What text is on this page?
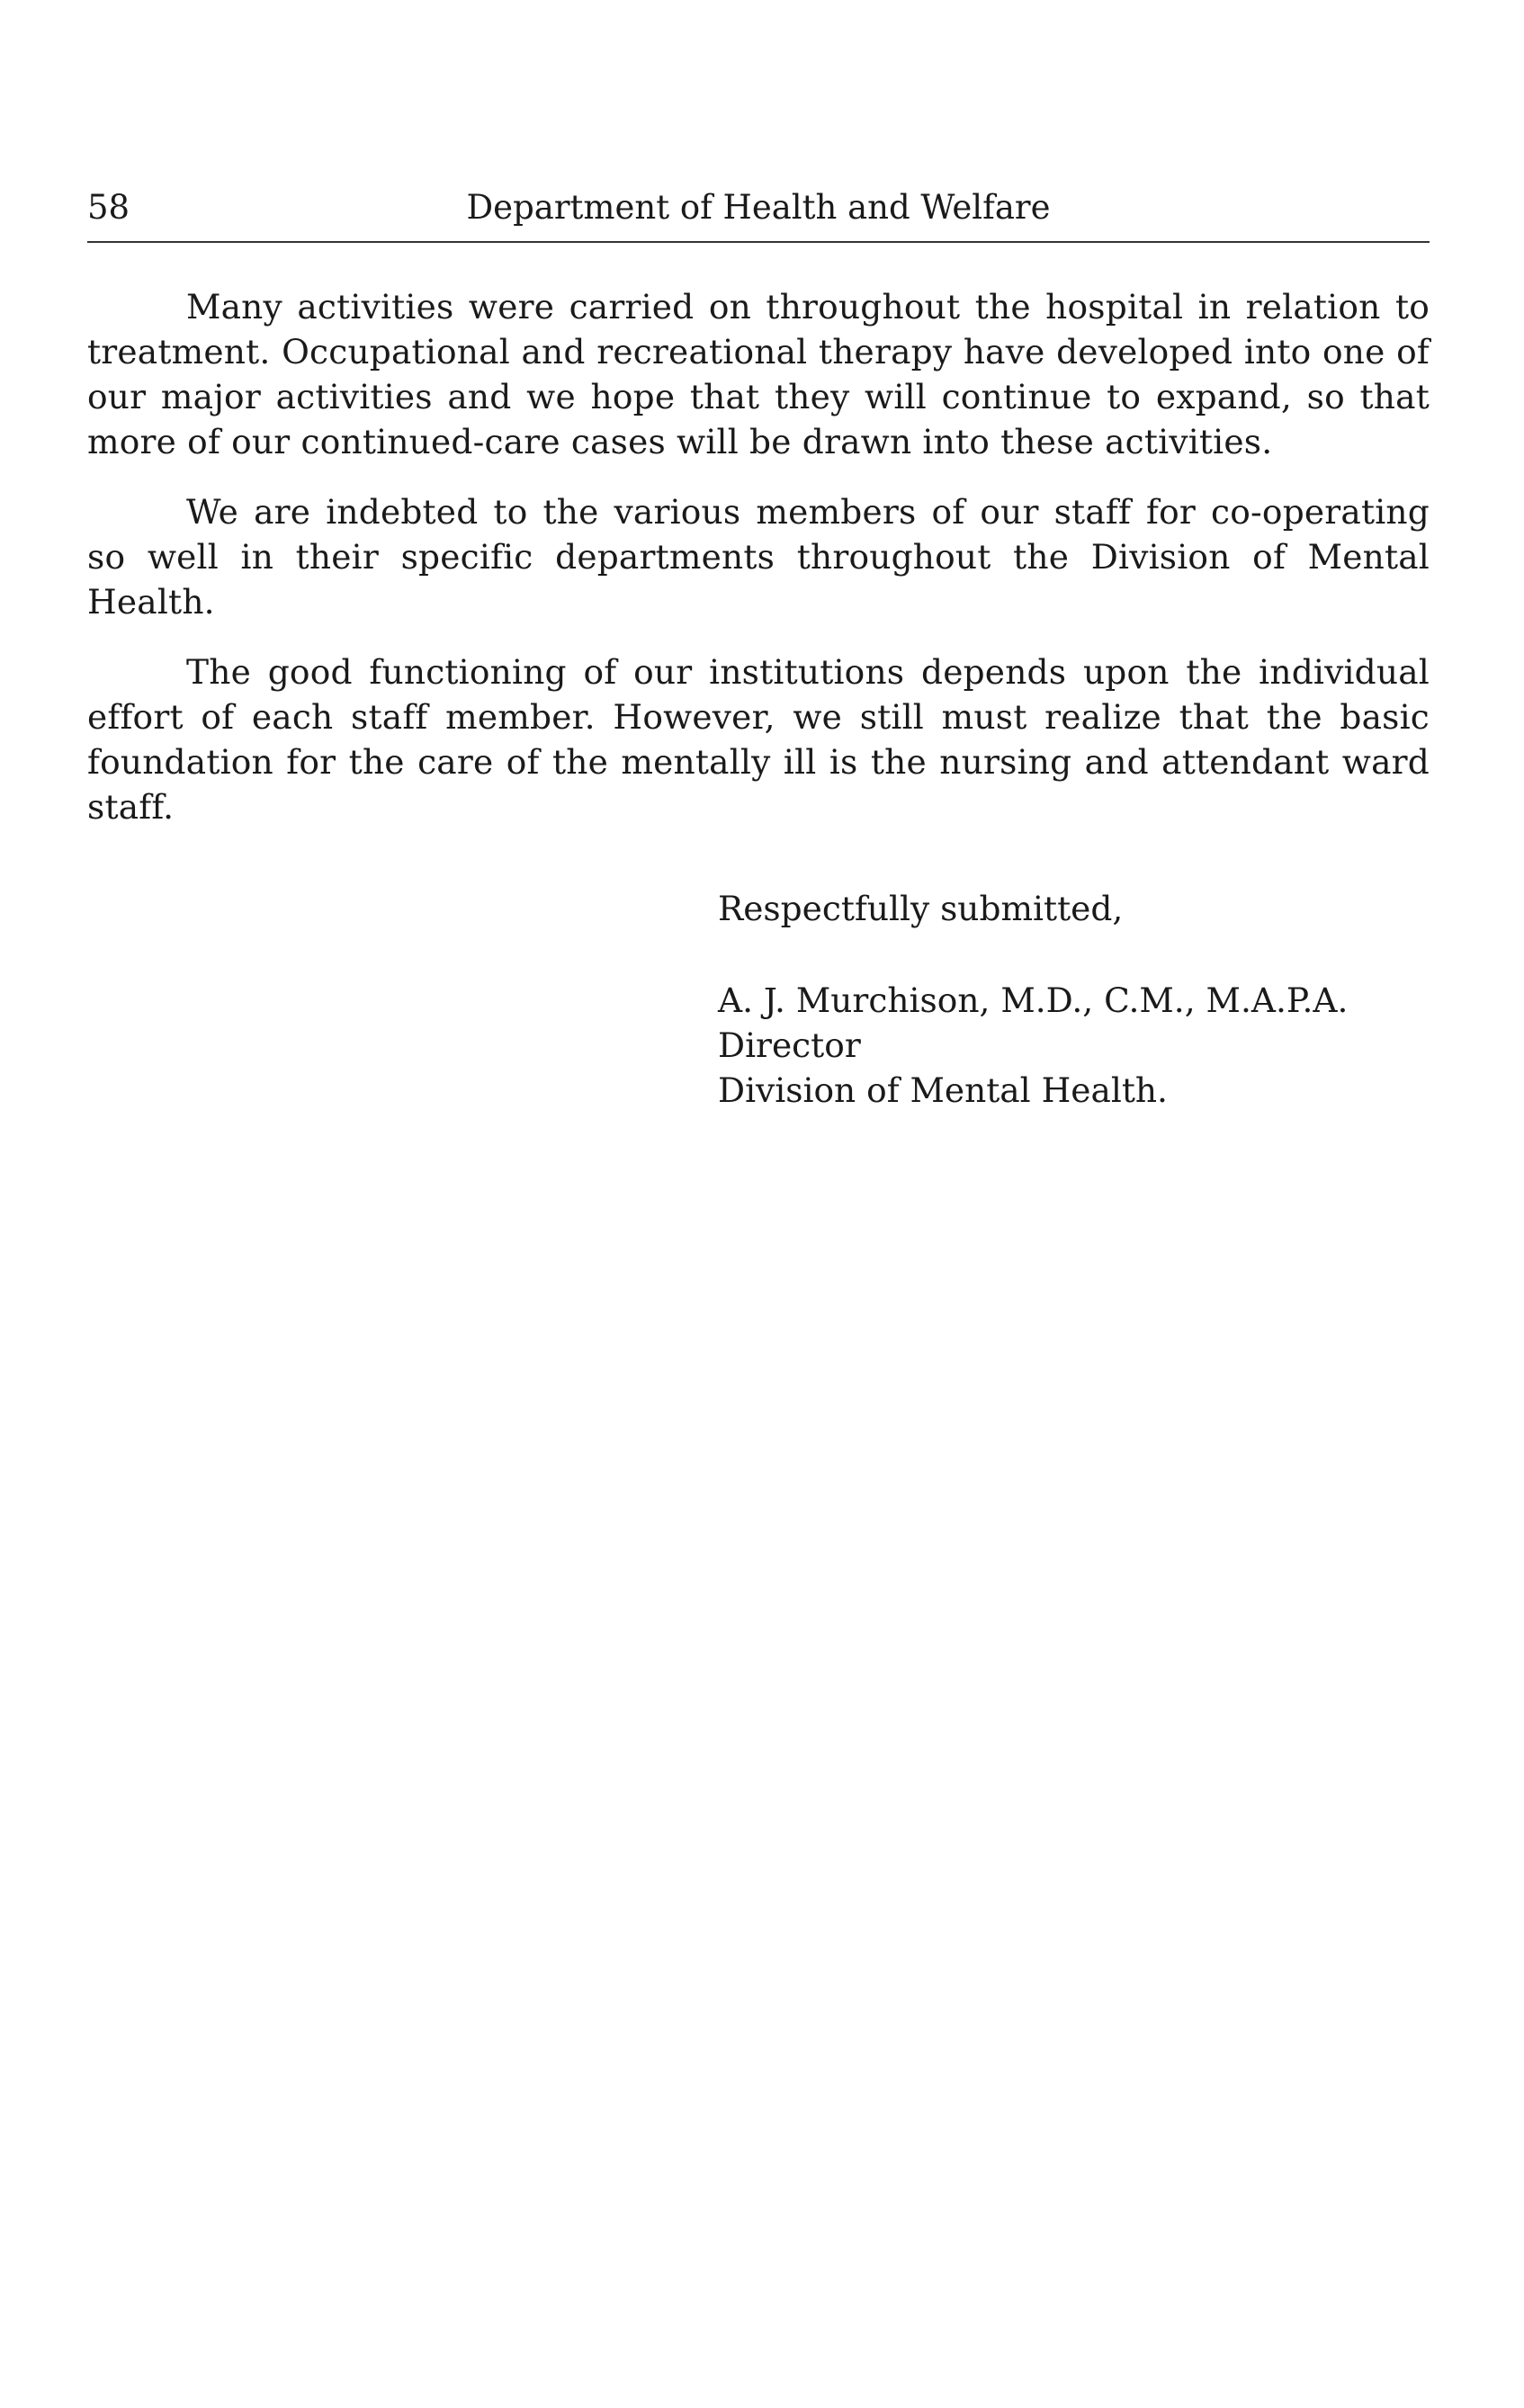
58	Department of Health and Welfare

Many activities were carried on throughout the hospital in relation to treatment. Occupational and recreational therapy have developed into one of our major activities and we hope that they will continue to expand, so that more of our continued-care cases will be drawn into these activities.

We are indebted to the various members of our staff for co-operating so well in their specific departments throughout the Division of Mental Health.

The good functioning of our institutions depends upon the individual effort of each staff member. However, we still must realize that the basic foundation for the care of the mentally ill is the nursing and attendant ward staff.

Respectfully submitted,

A. J. Murchison, M.D., C.M., M.A.P.A.

Director

Division of Mental Health.
